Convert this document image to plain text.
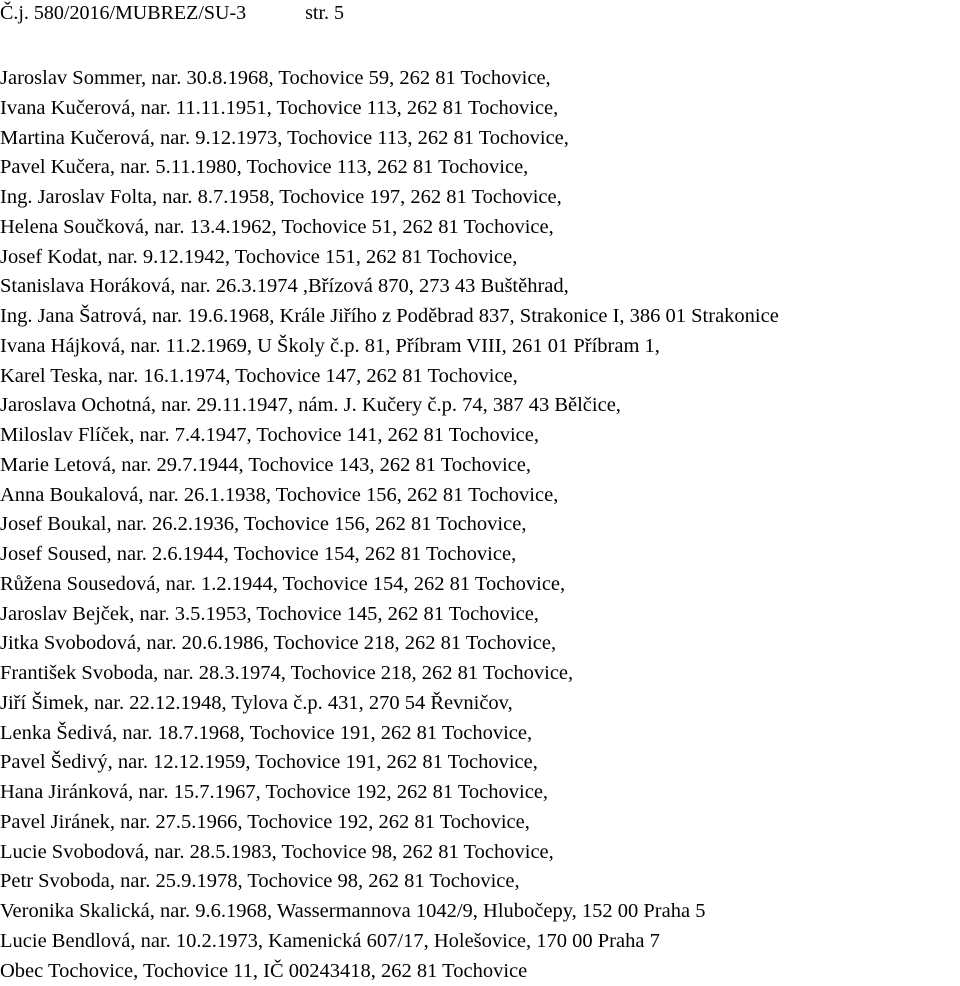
Č.j. 580/2016/MUBREZ/SU-3	str. 5
Jaroslav Sommer, nar. 30.8.1968, Tochovice 59, 262 81 Tochovice,
Ivana Kučerová, nar. 11.11.1951, Tochovice 113, 262 81 Tochovice,
Martina Kučerová, nar. 9.12.1973, Tochovice 113, 262 81 Tochovice,
Pavel Kučera, nar. 5.11.1980, Tochovice 113, 262 81 Tochovice,
Ing. Jaroslav Folta, nar. 8.7.1958, Tochovice 197, 262 81 Tochovice,
Helena Součková, nar. 13.4.1962, Tochovice 51, 262 81 Tochovice,
Josef Kodat, nar. 9.12.1942, Tochovice 151, 262 81 Tochovice,
Stanislava Horáková, nar. 26.3.1974 ,Břízová 870, 273 43 Buštěhrad,
Ing. Jana Šatrová, nar. 19.6.1968, Krále Jiřího z Poděbrad 837, Strakonice I, 386 01 Strakonice
Ivana Hájková, nar. 11.2.1969, U Školy č.p. 81, Příbram VIII, 261 01 Příbram 1,
Karel Teska, nar. 16.1.1974, Tochovice 147, 262 81 Tochovice,
Jaroslava Ochotná, nar. 29.11.1947, nám. J. Kučery č.p. 74, 387 43 Bělčice,
Miloslav Flíček, nar. 7.4.1947, Tochovice 141, 262 81 Tochovice,
Marie Letová, nar. 29.7.1944, Tochovice 143, 262 81 Tochovice,
Anna Boukalová, nar. 26.1.1938, Tochovice 156, 262 81 Tochovice,
Josef Boukal, nar. 26.2.1936, Tochovice 156, 262 81 Tochovice,
Josef Soused, nar. 2.6.1944, Tochovice 154, 262 81 Tochovice,
Růžena Sousedová, nar. 1.2.1944, Tochovice 154, 262 81 Tochovice,
Jaroslav Bejček, nar. 3.5.1953, Tochovice 145, 262 81 Tochovice,
Jitka Svobodová, nar. 20.6.1986, Tochovice 218, 262 81 Tochovice,
František Svoboda, nar. 28.3.1974, Tochovice 218, 262 81 Tochovice,
Jiří Šimek, nar. 22.12.1948, Tylova č.p. 431, 270 54 Řevničov,
Lenka Šedivá, nar. 18.7.1968, Tochovice 191, 262 81 Tochovice,
Pavel Šedivý, nar. 12.12.1959, Tochovice 191, 262 81 Tochovice,
Hana Jiránková, nar. 15.7.1967, Tochovice 192, 262 81 Tochovice,
Pavel Jiránek, nar. 27.5.1966, Tochovice 192, 262 81 Tochovice,
Lucie Svobodová, nar. 28.5.1983, Tochovice 98, 262 81 Tochovice,
Petr Svoboda, nar. 25.9.1978, Tochovice 98, 262 81 Tochovice,
Veronika Skalická, nar. 9.6.1968, Wassermannova 1042/9, Hlubočepy, 152 00 Praha 5
Lucie Bendlová, nar. 10.2.1973, Kamenická 607/17, Holešovice, 170 00 Praha 7
Obec Tochovice, Tochovice 11, IČ 00243418, 262 81 Tochovice
